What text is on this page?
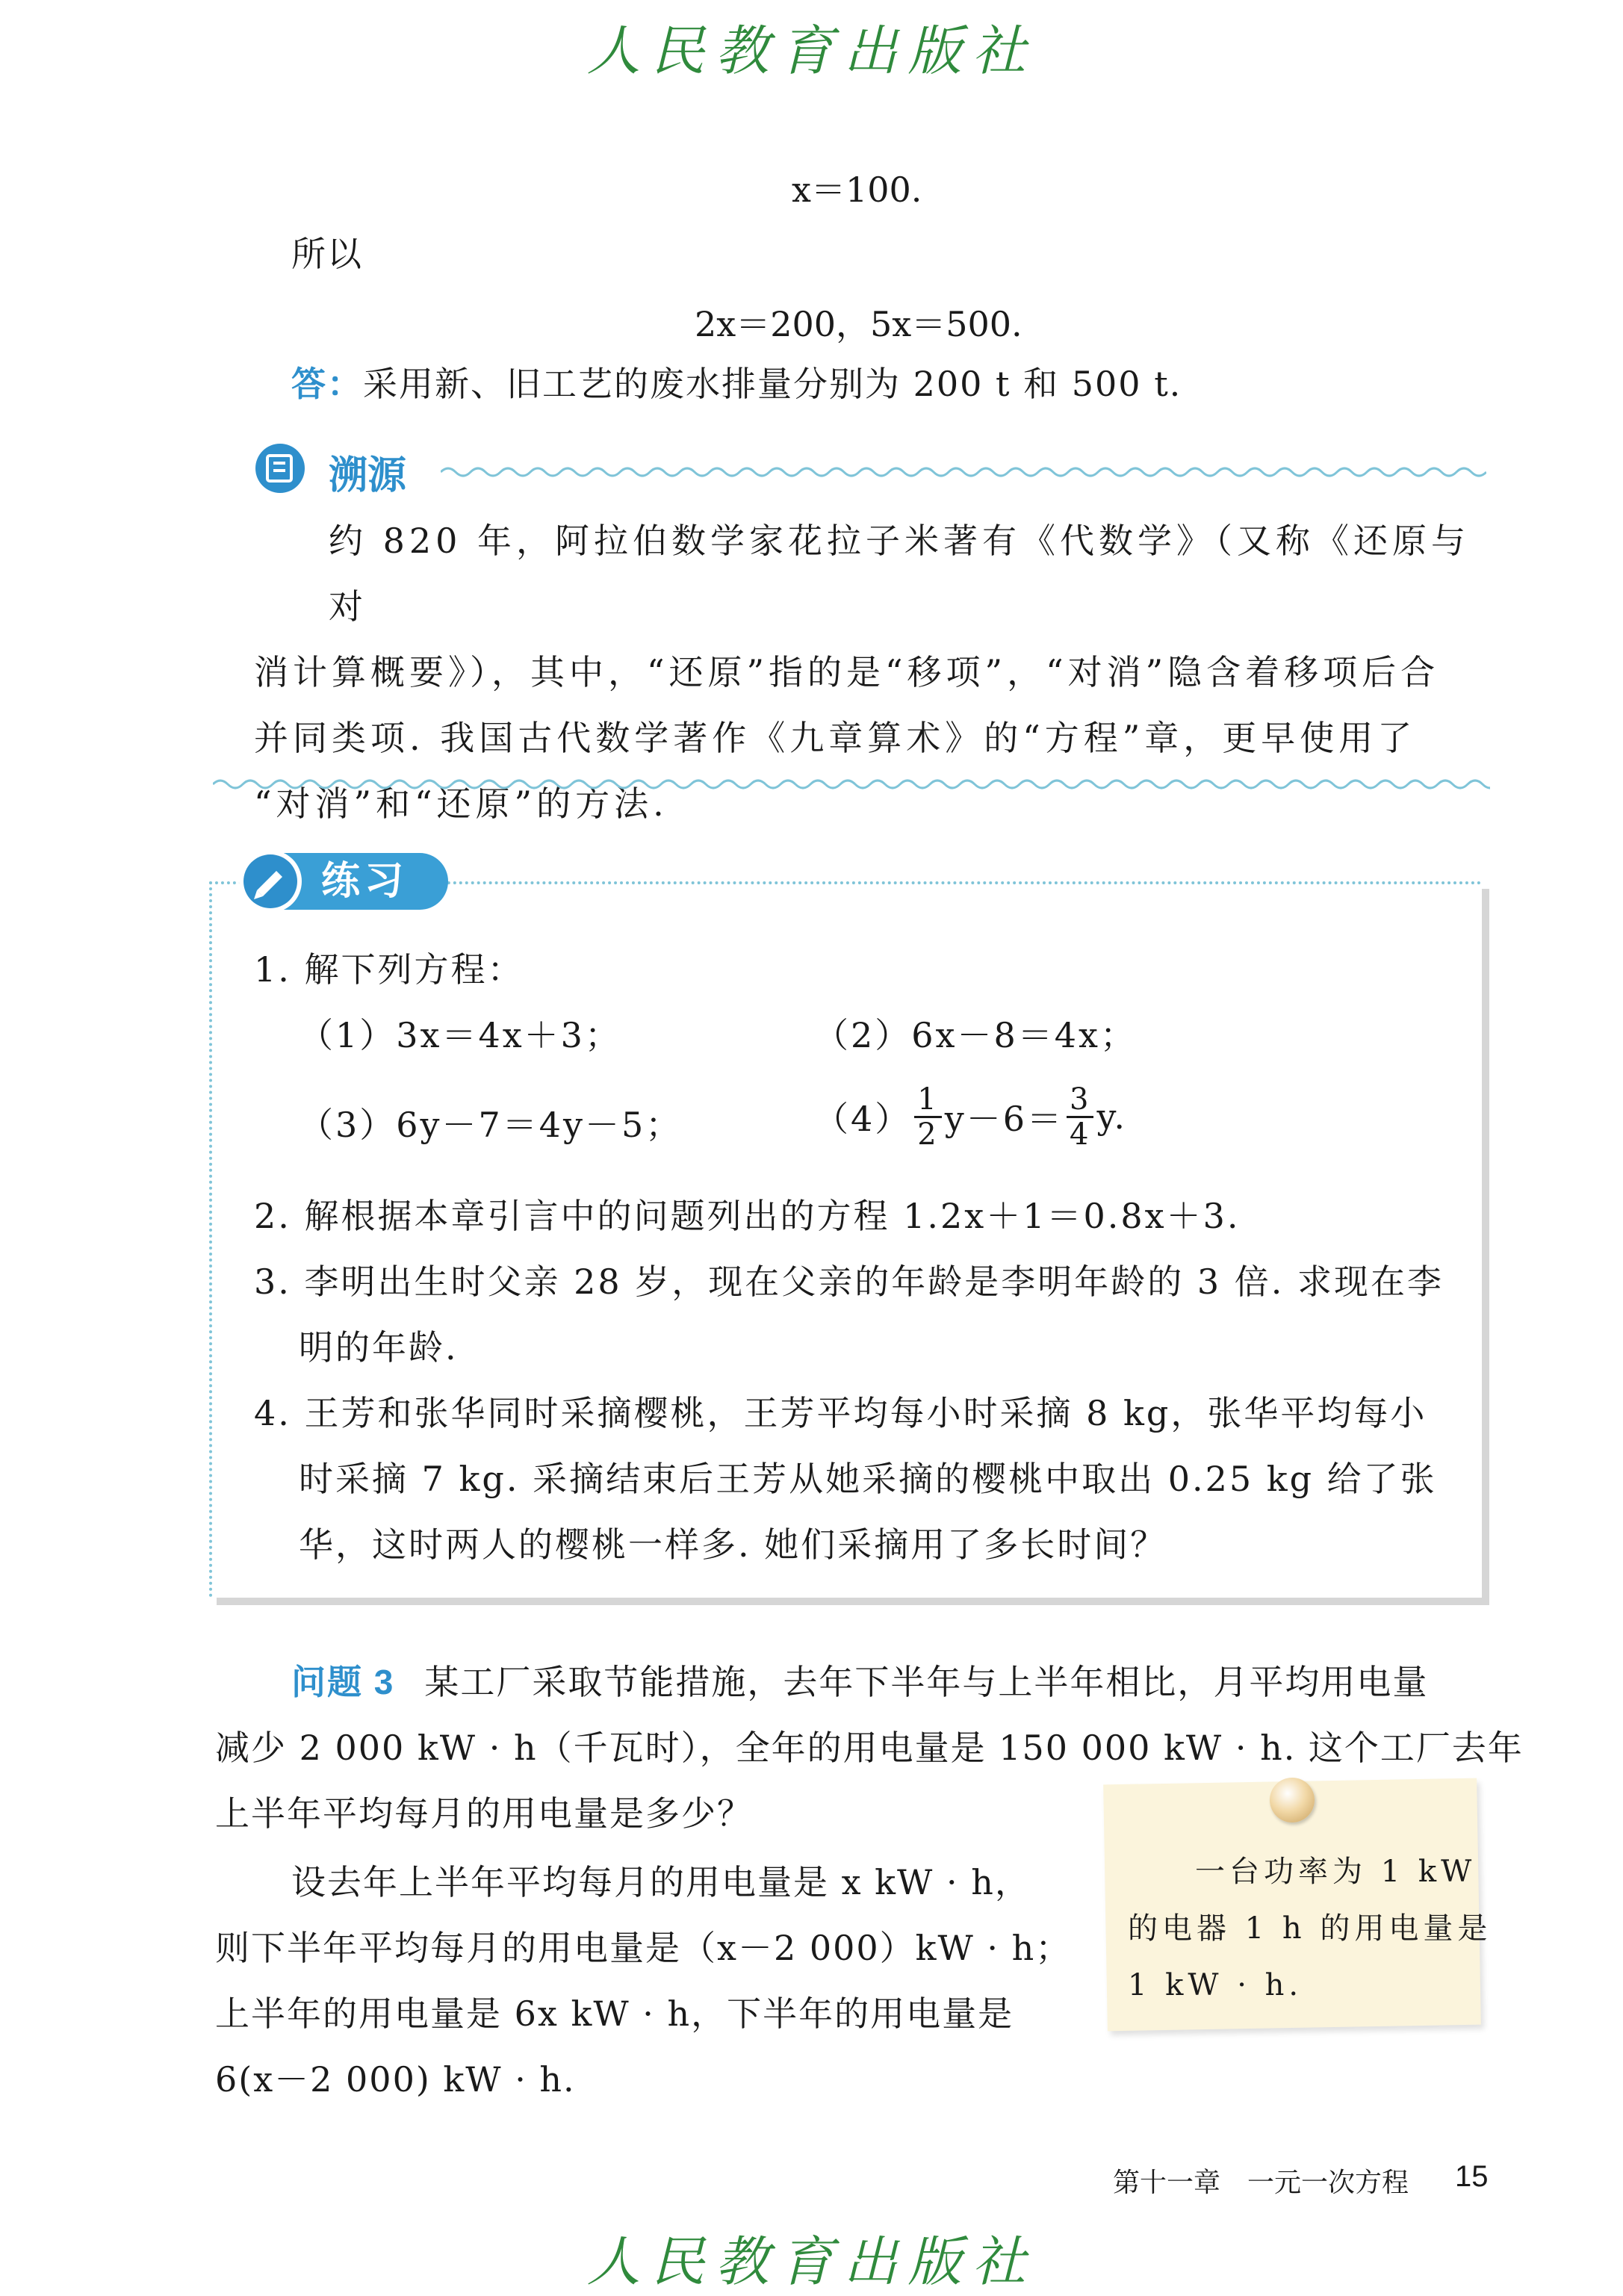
人民教育出版社
x＝100.
所以
2x＝200，5x＝500.
答：采用新、旧工艺的废水排量分别为 200 t 和 500 t.
溯源
约 820 年，阿拉伯数学家花拉子米著有《代数学》（又称《还原与对
消计算概要》），其中，“还原”指的是“移项”，“对消”隐含着移项后合
并同类项. 我国古代数学著作《九章算术》的“方程”章，更早使用了
“对消”和“还原”的方法.
练习
1. 解下列方程：
（1）3x＝4x＋3；	（2）6x－8＝4x；
（3）6y－7＝4y－5；	$(4) \frac{1}{2} y-6= \frac{3}{4} y$.
2. 解根据本章引言中的问题列出的方程 1.2x＋1＝0.8x＋3.
3. 李明出生时父亲 28 岁，现在父亲的年龄是李明年龄的 3 倍. 求现在李
明的年龄.
4. 王芳和张华同时采摘樱桃，王芳平均每小时采摘 8 kg，张华平均每小
时采摘 7 kg. 采摘结束后王芳从她采摘的樱桃中取出 0.25 kg 给了张
华，这时两人的樱桃一样多. 她们采摘用了多长时间？
问题 3 某工厂采取节能措施，去年下半年与上半年相比，月平均用电量
减少 2 000 kW · h（千瓦时），全年的用电量是 150 000 kW · h. 这个工厂去年
上半年平均每月的用电量是多少？
设去年上半年平均每月的用电量是 x kW · h，
则下半年平均每月的用电量是（x－2 000）kW · h；
上半年的用电量是 6x kW · h，下半年的用电量是
6(x－2 000) kW · h.
一台功率为 1 kW
的电器 1 h 的用电量是
1 kW · h.
第十一章　一元一次方程 15
人民教育出版社
